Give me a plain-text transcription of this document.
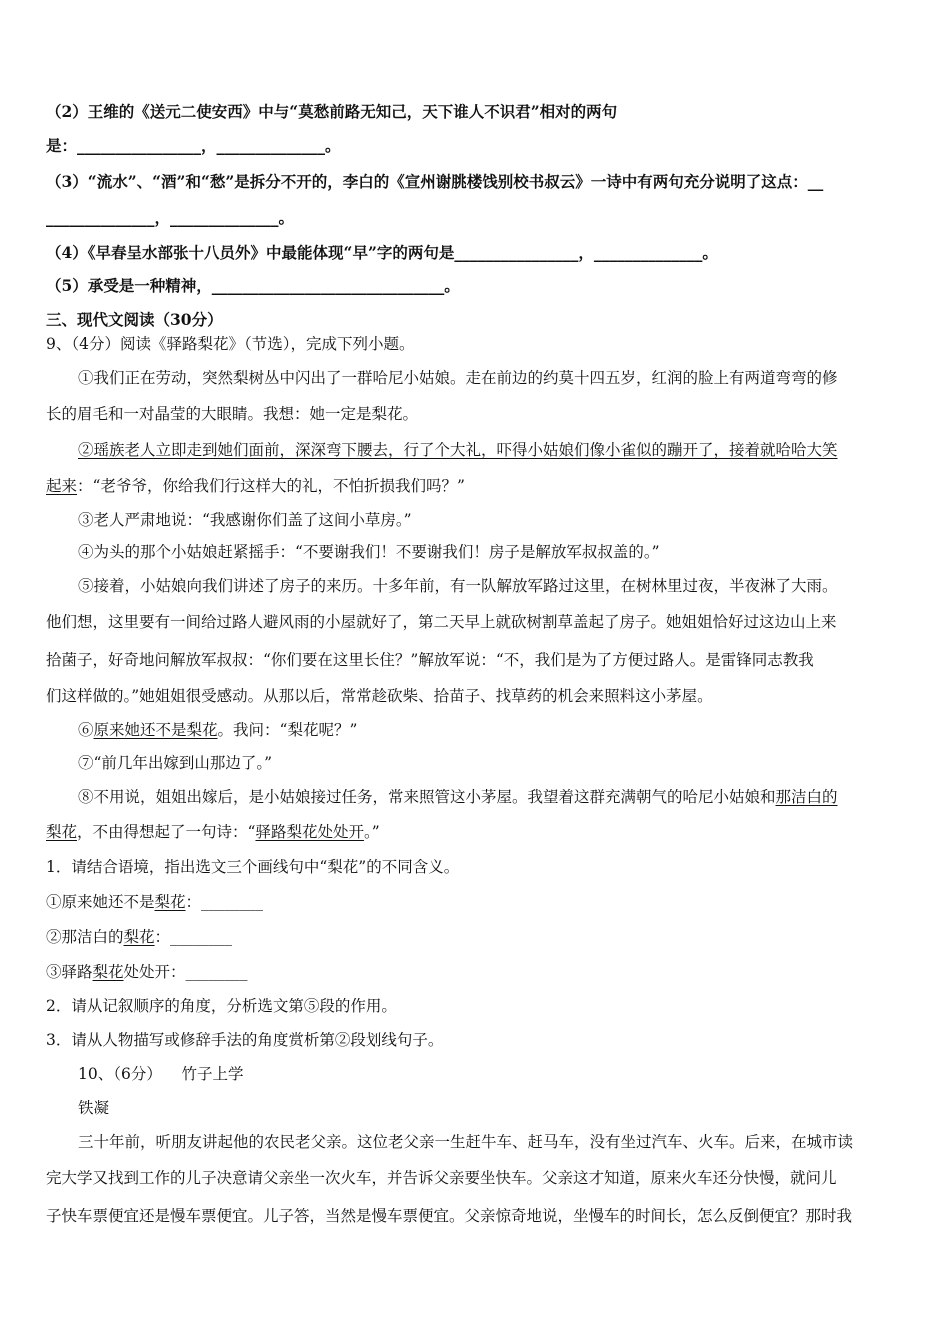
（2）王维的《送元二使安西》中与“莫愁前路无知己，天下谁人不识君”相对的两句
是：________________，______________。
（3）“流水”、“酒”和“愁”是拆分不开的，李白的《宣州谢朓楼饯别校书叔云》一诗中有两句充分说明了这点：__
______________，______________。
（4）《早春呈水部张十八员外》中最能体现“早”字的两句是________________，______________。
（5）承受是一种精神，______________________________。
三、现代文阅读（30分）
9、（4分）阅读《驿路梨花》（节选），完成下列小题。
①我们正在劳动，突然梨树丛中闪出了一群哈尼小姑娘。走在前边的约莫十四五岁，红润的脸上有两道弯弯的修
长的眉毛和一对晶莹的大眼睛。我想：她一定是梨花。
②瑶族老人立即走到她们面前，深深弯下腰去，行了个大礼，吓得小姑娘们像小雀似的蹦开了，接着就哈哈大笑
起来：“老爷爷，你给我们行这样大的礼，不怕折损我们吗？”
③老人严肃地说：“我感谢你们盖了这间小草房。”
④为头的那个小姑娘赶紧摇手：“不要谢我们！不要谢我们！房子是解放军叔叔盖的。”
⑤接着，小姑娘向我们讲述了房子的来历。十多年前，有一队解放军路过这里，在树林里过夜，半夜淋了大雨。
他们想，这里要有一间给过路人避风雨的小屋就好了，第二天早上就砍树割草盖起了房子。她姐姐恰好过这边山上来
拾菌子，好奇地问解放军叔叔：“你们要在这里长住？”解放军说：“不，我们是为了方便过路人。是雷锋同志教我
们这样做的。”她姐姐很受感动。从那以后，常常趁砍柴、拾苗子、找草药的机会来照料这小茅屋。
⑥原来她还不是梨花。我问：“梨花呢？”
⑦“前几年出嫁到山那边了。”
⑧不用说，姐姐出嫁后，是小姑娘接过任务，常来照管这小茅屋。我望着这群充满朝气的哈尼小姑娘和那洁白的
梨花，不由得想起了一句诗：“驿路梨花处处开。”
1．请结合语境，指出选文三个画线句中“梨花”的不同含义。
①原来她还不是梨花：________
②那洁白的梨花：________
③驿路梨花处处开：________
2．请从记叙顺序的角度，分析选文第⑤段的作用。
3．请从人物描写或修辞手法的角度赏析第②段划线句子。
10、（6分）    竹子上学
铁凝
三十年前，听朋友讲起他的农民老父亲。这位老父亲一生赶牛车、赶马车，没有坐过汽车、火车。后来，在城市读
完大学又找到工作的儿子决意请父亲坐一次火车，并告诉父亲要坐快车。父亲这才知道，原来火车还分快慢，就问儿
子快车票便宜还是慢车票便宜。儿子答，当然是慢车票便宜。父亲惊奇地说，坐慢车的时间长，怎么反倒便宜？那时我
